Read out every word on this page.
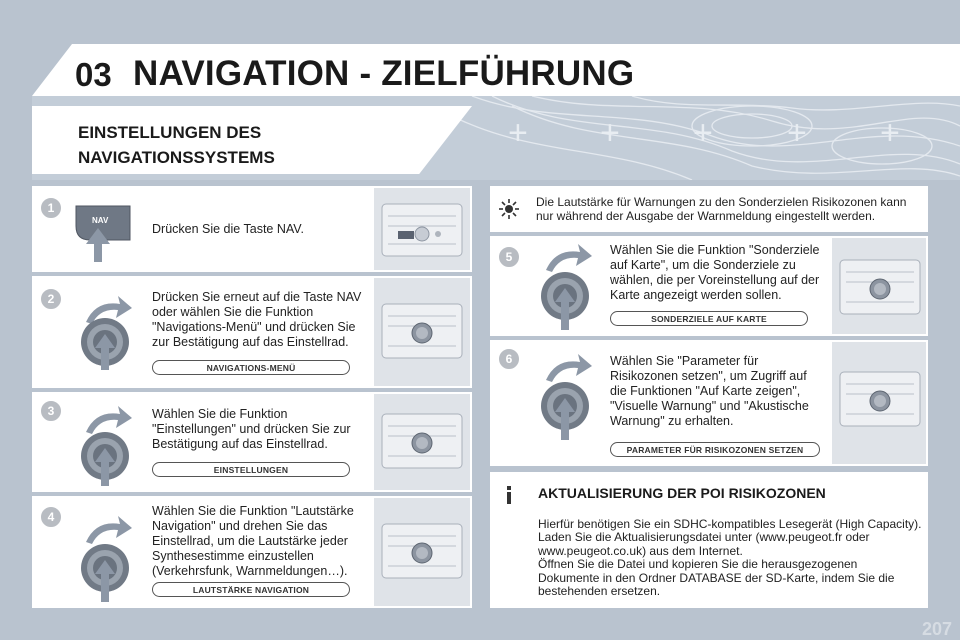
03 NAVIGATION - ZIELFÜHRUNG
+ + + + +
EINSTELLUNGEN DES
NAVIGATIONSSYSTEMS
1
NAV
Drücken Sie die Taste NAV.
2	Drücken Sie erneut auf die Taste NAV oder wählen Sie die Funktion "Navigations-Menü" und drücken Sie zur Bestätigung auf das Einstellrad.
NAVIGATIONS-MENÜ
3	Wählen Sie die Funktion "Einstellungen" und drücken Sie zur Bestätigung auf das Einstellrad.
EINSTELLUNGEN
4	Wählen Sie die Funktion "Lautstärke Navigation" und drehen Sie das Einstellrad, um die Lautstärke jeder Synthesestimme einzustellen (Verkehrsfunk, Warnmeldungen…).
LAUTSTÄRKE NAVIGATION
Die Lautstärke für Warnungen zu den Sonderzielen Risikozonen kann nur während der Ausgabe der Warnmeldung eingestellt werden.
5	Wählen Sie die Funktion "Sonderziele auf Karte", um die Sonderziele zu wählen, die per Voreinstellung auf der Karte angezeigt werden sollen.
SONDERZIELE AUF KARTE
6	Wählen Sie "Parameter für Risikozonen setzen", um Zugriff auf die Funktionen "Auf Karte zeigen", "Visuelle Warnung" und "Akustische Warnung" zu erhalten.
PARAMETER FÜR RISIKOZONEN SETZEN
AKTUALISIERUNG DER POI RISIKOZONEN
Hierfür benötigen Sie ein SDHC-kompatibles Lesegerät (High Capacity).
Laden Sie die Aktualisierungsdatei unter (www.peugeot.fr oder
www.peugeot.co.uk) aus dem Internet.
Öffnen Sie die Datei und kopieren Sie die herausgezogenen
Dokumente in den Ordner DATABASE der SD-Karte, indem Sie die
bestehenden ersetzen.
207
